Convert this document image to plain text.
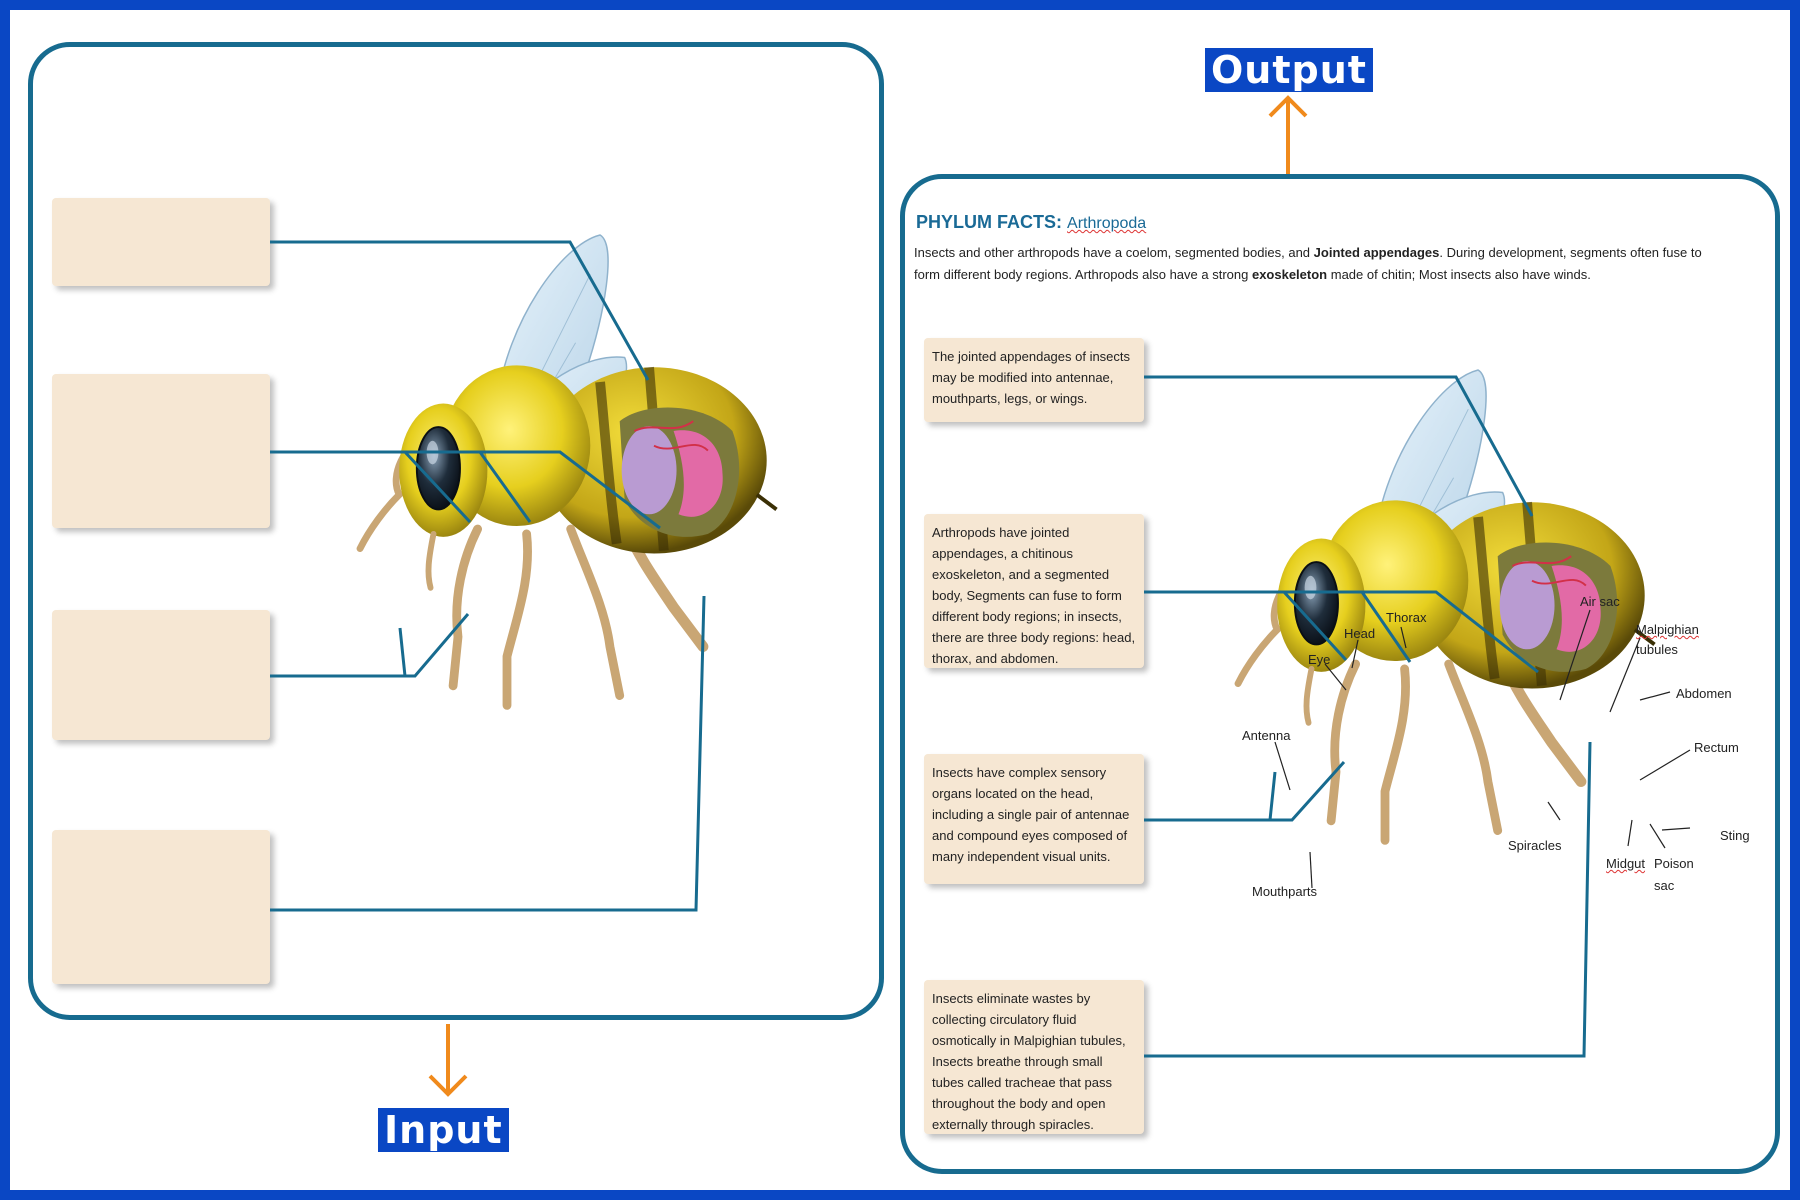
PHYLUM FACTS: Arthropoda
Insects and other arthropods have a coelom, segmented bodies, and Jointed appendages. During development, segments often fuse to form different body regions. Arthropods also have a strong exoskeleton made of chitin; Most insects also have winds.
The jointed appendages of insects may be modified into antennae, mouthparts, legs, or wings.
Arthropods have jointed appendages, a chitinous exoskeleton, and a segmented body, Segments can fuse to form different body regions; in insects, there are three body regions: head, thorax, and abdomen.
Insects have complex sensory organs located on the head, including a single pair of antennae and compound eyes composed of many independent visual units.
Insects eliminate wastes by collecting circulatory fluid osmotically in Malpighian tubules, Insects breathe through small tubes called tracheae that pass throughout the body and open externally through spiracles.
Input
Output
Air sac
Thorax
Head
Eye
Antenna
Malpighian
tubules
Abdomen
Rectum
Sting
Spiracles
Midgut Poison
sac
Mouthparts
